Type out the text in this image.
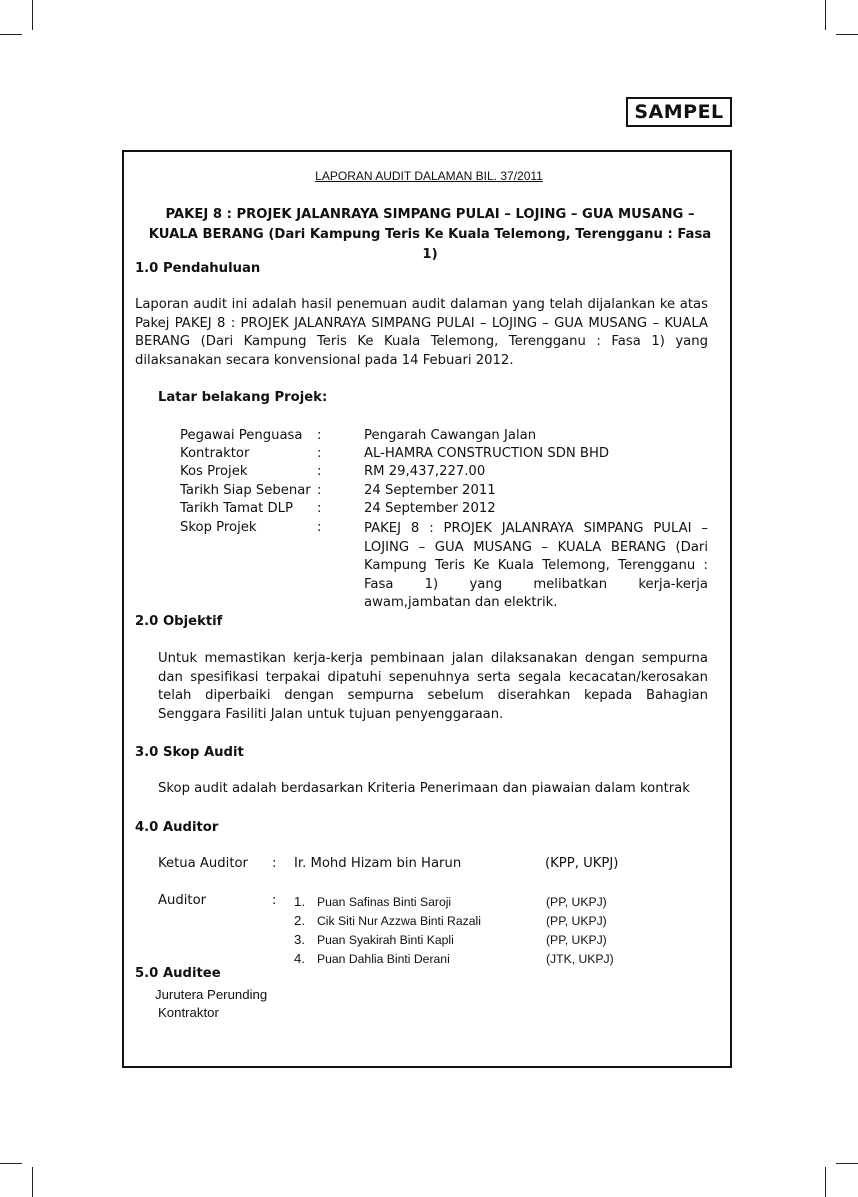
SAMPEL
LAPORAN AUDIT DALAMAN BIL. 37/2011
PAKEJ 8 : PROJEK JALANRAYA SIMPANG PULAI – LOJING – GUA MUSANG – KUALA BERANG (Dari Kampung Teris Ke Kuala Telemong, Terengganu : Fasa 1)
1.0 Pendahuluan
Laporan audit ini adalah hasil penemuan audit dalaman yang telah dijalankan ke atas Pakej PAKEJ 8 : PROJEK JALANRAYA SIMPANG PULAI – LOJING – GUA MUSANG – KUALA BERANG (Dari Kampung Teris Ke Kuala Telemong, Terengganu : Fasa 1) yang dilaksanakan secara konvensional pada 14 Febuari 2012.
Latar belakang Projek:
Pegawai Penguasa :	Pengarah Cawangan Jalan
Kontraktor	:	AL-HAMRA CONSTRUCTION SDN BHD
Kos Projek	:	RM 29,437,227.00
Tarikh Siap Sebenar :	24 September 2011
Tarikh Tamat DLP :	24 September 2012
Skop Projek	:	PAKEJ 8 : PROJEK JALANRAYA SIMPANG PULAI – LOJING – GUA MUSANG – KUALA BERANG (Dari Kampung Teris Ke Kuala Telemong, Terengganu : Fasa 1) yang melibatkan kerja-kerja awam,jambatan dan elektrik.
2.0 Objektif
Untuk memastikan kerja-kerja pembinaan jalan dilaksanakan dengan sempurna dan spesifikasi terpakai dipatuhi sepenuhnya serta segala kecacatan/kerosakan telah diperbaiki dengan sempurna sebelum diserahkan kepada Bahagian Senggara Fasiliti Jalan untuk tujuan penyenggaraan.
3.0 Skop Audit
Skop audit adalah berdasarkan Kriteria Penerimaan dan piawaian dalam kontrak
4.0 Auditor
Ketua Auditor : Ir. Mohd Hizam bin Harun	(KPP, UKPJ)
Auditor	: 1. Puan Safinas Binti Saroji	(PP, UKPJ)
2. Cik Siti Nur Azzwa Binti Razali	(PP, UKPJ)
3. Puan Syakirah Binti Kapli	(PP, UKPJ)
4. Puan Dahlia Binti Derani	(JTK, UKPJ)
5.0 Auditee
Jurutera Perunding
Kontraktor
